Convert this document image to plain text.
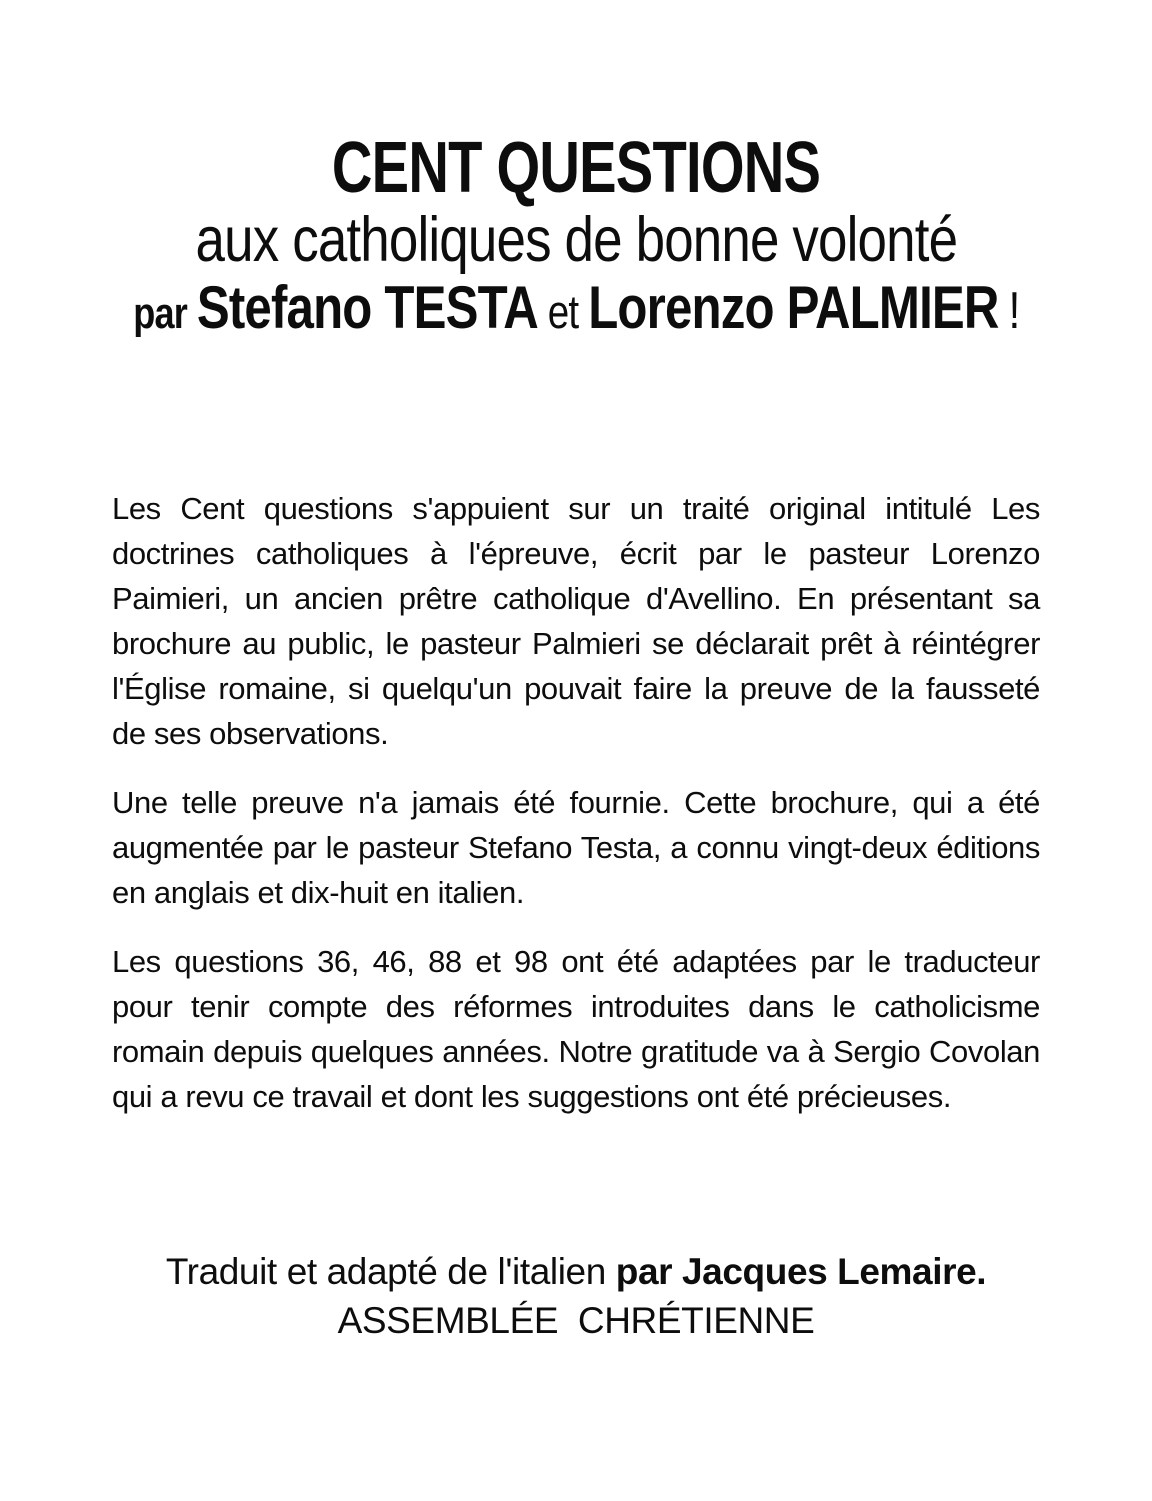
CENT QUESTIONS
aux catholiques de bonne volonté
par Stefano TESTA et Lorenzo PALMIER !

Les Cent questions s'appuient sur un traité original intitulé Les doctrines catholiques à l'épreuve, écrit par le pasteur Lorenzo Paimieri, un ancien prêtre catholique d'Avellino. En présentant sa brochure au public, le pasteur Palmieri se déclarait prêt à réintégrer l'Église romaine, si quelqu'un pouvait faire la preuve de la fausseté de ses observations.

Une telle preuve n'a jamais été fournie. Cette brochure, qui a été augmentée par le pasteur Stefano Testa, a connu vingt-deux éditions en anglais et dix-huit en italien.

Les questions 36, 46, 88 et 98 ont été adaptées par le traducteur pour tenir compte des réformes introduites dans le catholicisme romain depuis quelques années. Notre gratitude va à Sergio Covolan qui a revu ce travail et dont les suggestions ont été précieuses.

Traduit et adapté de l'italien par Jacques Lemaire.
ASSEMBLÉE  CHRÉTIENNE
